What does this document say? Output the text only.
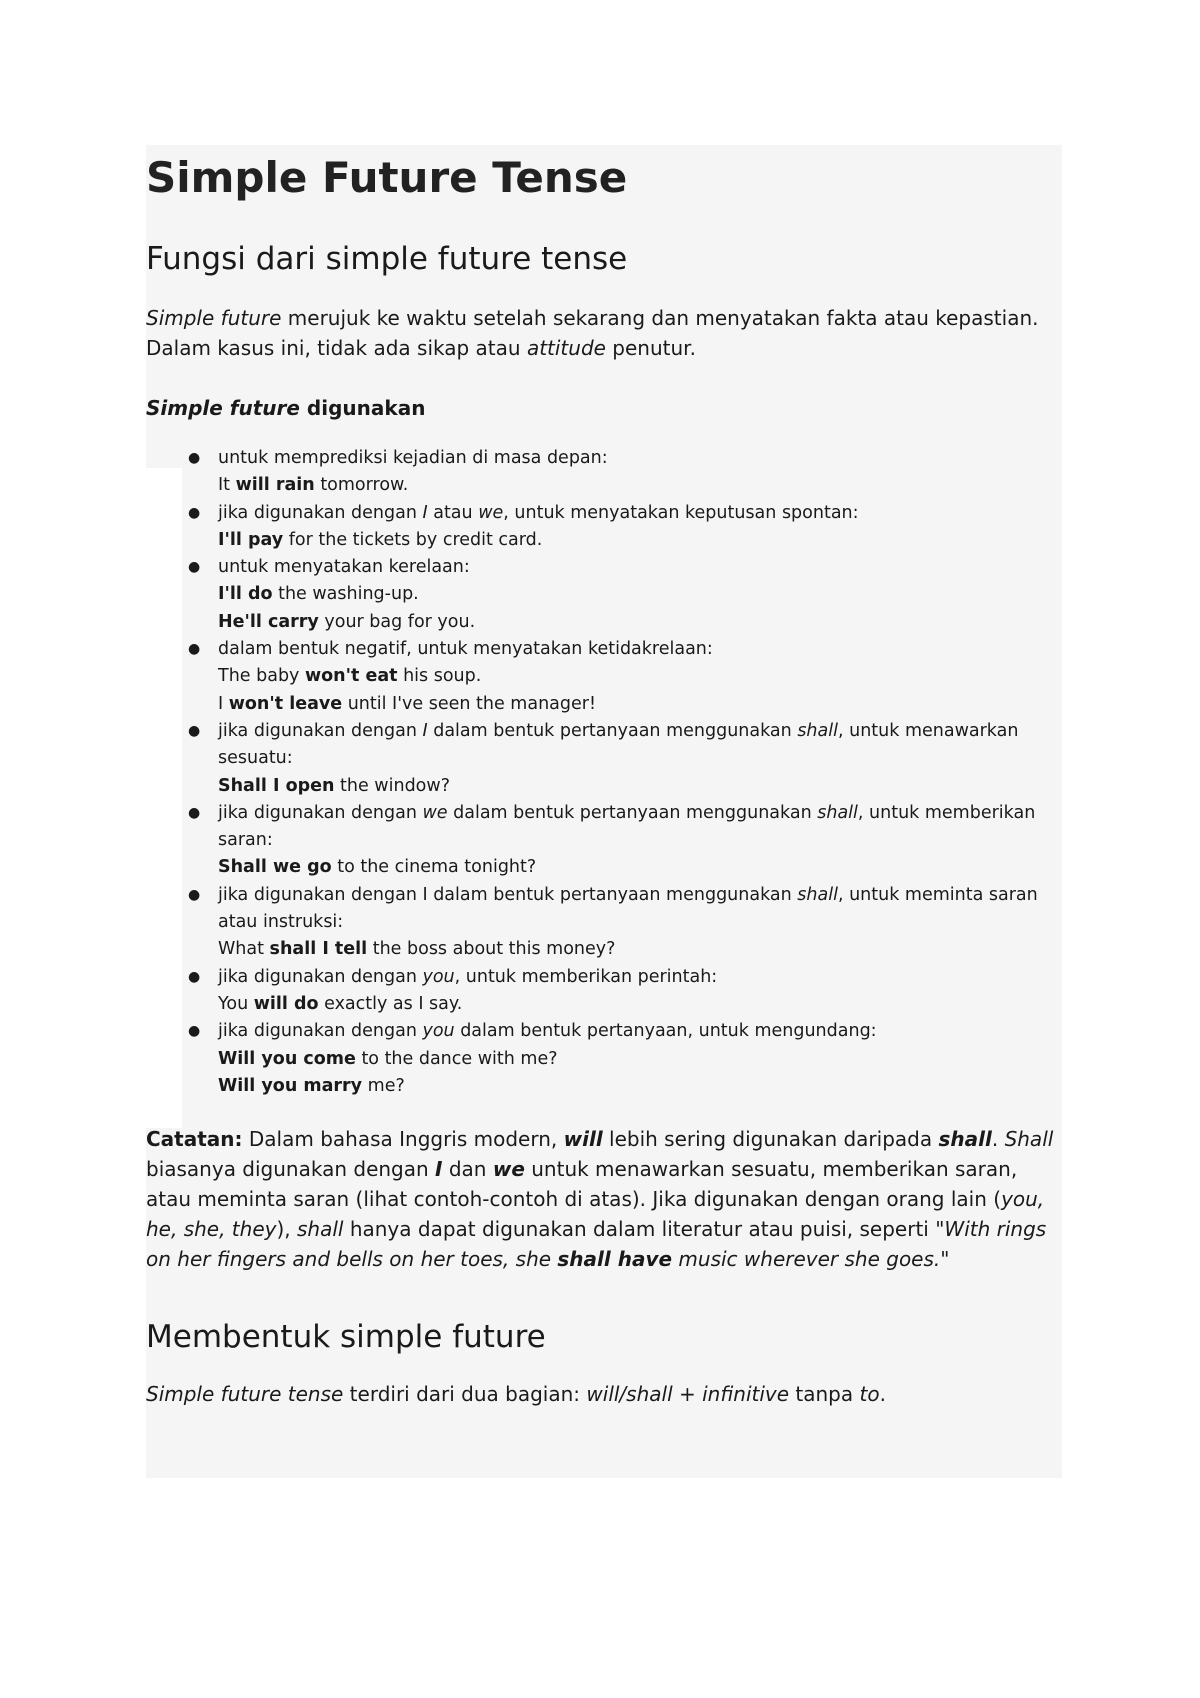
Simple Future Tense
Fungsi dari simple future tense

Simple future merujuk ke waktu setelah sekarang dan menyatakan fakta atau kepastian. Dalam kasus ini, tidak ada sikap atau attitude penutur.

Simple future digunakan

● untuk memprediksi kejadian di masa depan:
It will rain tomorrow.
● jika digunakan dengan I atau we, untuk menyatakan keputusan spontan:
I'll pay for the tickets by credit card.
● untuk menyatakan kerelaan:
I'll do the washing-up.
He'll carry your bag for you.
● dalam bentuk negatif, untuk menyatakan ketidakrelaan:
The baby won't eat his soup.
I won't leave until I've seen the manager!
● jika digunakan dengan I dalam bentuk pertanyaan menggunakan shall, untuk menawarkan sesuatu:
Shall I open the window?
● jika digunakan dengan we dalam bentuk pertanyaan menggunakan shall, untuk memberikan saran:
Shall we go to the cinema tonight?
● jika digunakan dengan I dalam bentuk pertanyaan menggunakan shall, untuk meminta saran atau instruksi:
What shall I tell the boss about this money?
● jika digunakan dengan you, untuk memberikan perintah:
You will do exactly as I say.
● jika digunakan dengan you dalam bentuk pertanyaan, untuk mengundang:
Will you come to the dance with me?
Will you marry me?

Catatan: Dalam bahasa Inggris modern, will lebih sering digunakan daripada shall. Shall biasanya digunakan dengan I dan we untuk menawarkan sesuatu, memberikan saran, atau meminta saran (lihat contoh-contoh di atas). Jika digunakan dengan orang lain (you, he, she, they), shall hanya dapat digunakan dalam literatur atau puisi, seperti "With rings on her fingers and bells on her toes, she shall have music wherever she goes."

Membentuk simple future

Simple future tense terdiri dari dua bagian: will/shall + infinitive tanpa to.
